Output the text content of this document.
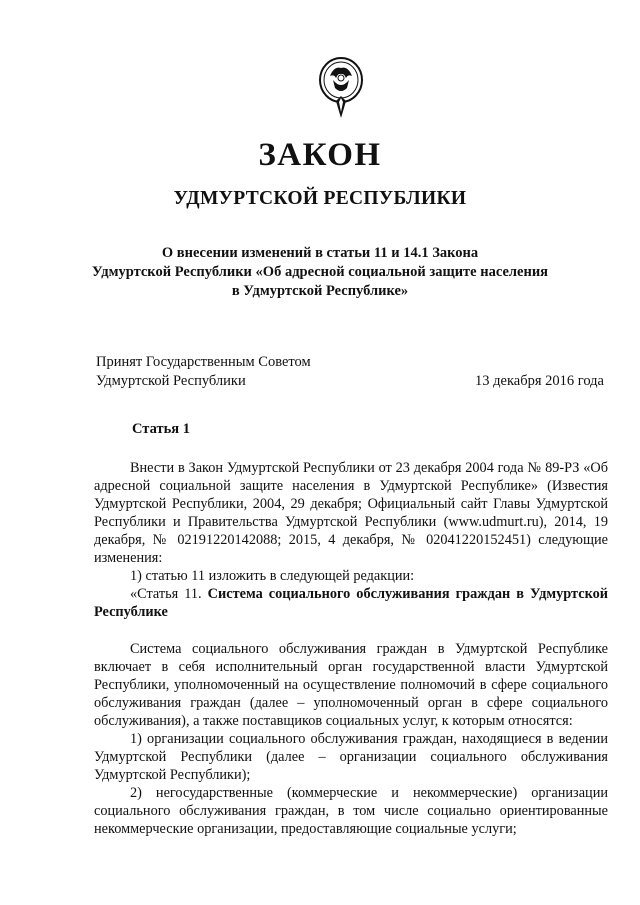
ЗАКОН
УДМУРТСКОЙ РЕСПУБЛИКИ
О внесении изменений в статьи 11 и 14.1 Закона
Удмуртской Республики «Об адресной социальной защите населения
в Удмуртской Республике»
Принят Государственным Советом
Удмуртской Республики	13 декабря 2016 года
Статья 1

Внести в Закон Удмуртской Республики от 23 декабря 2004 года № 89-РЗ «Об адресной социальной защите населения в Удмуртской Республике» (Известия Удмуртской Республики, 2004, 29 декабря; Официальный сайт Главы Удмуртской Республики и Правительства Удмуртской Республики (www.udmurt.ru), 2014, 19 декабря, № 02191220142088; 2015, 4 декабря, № 02041220152451) следующие изменения:

1) статью 11 изложить в следующей редакции:

«Статья 11. Система социального обслуживания граждан в Удмуртской Республике

Система социального обслуживания граждан в Удмуртской Республике включает в себя исполнительный орган государственной власти Удмуртской Республики, уполномоченный на осуществление полномочий в сфере социального обслуживания граждан (далее – уполномоченный орган в сфере социального обслуживания), а также поставщиков социальных услуг, к которым относятся:

1) организации социального обслуживания граждан, находящиеся в ведении Удмуртской Республики (далее – организации социального обслуживания Удмуртской Республики);

2) негосударственные (коммерческие и некоммерческие) организации социального обслуживания граждан, в том числе социально ориентированные некоммерческие организации, предоставляющие социальные услуги;
